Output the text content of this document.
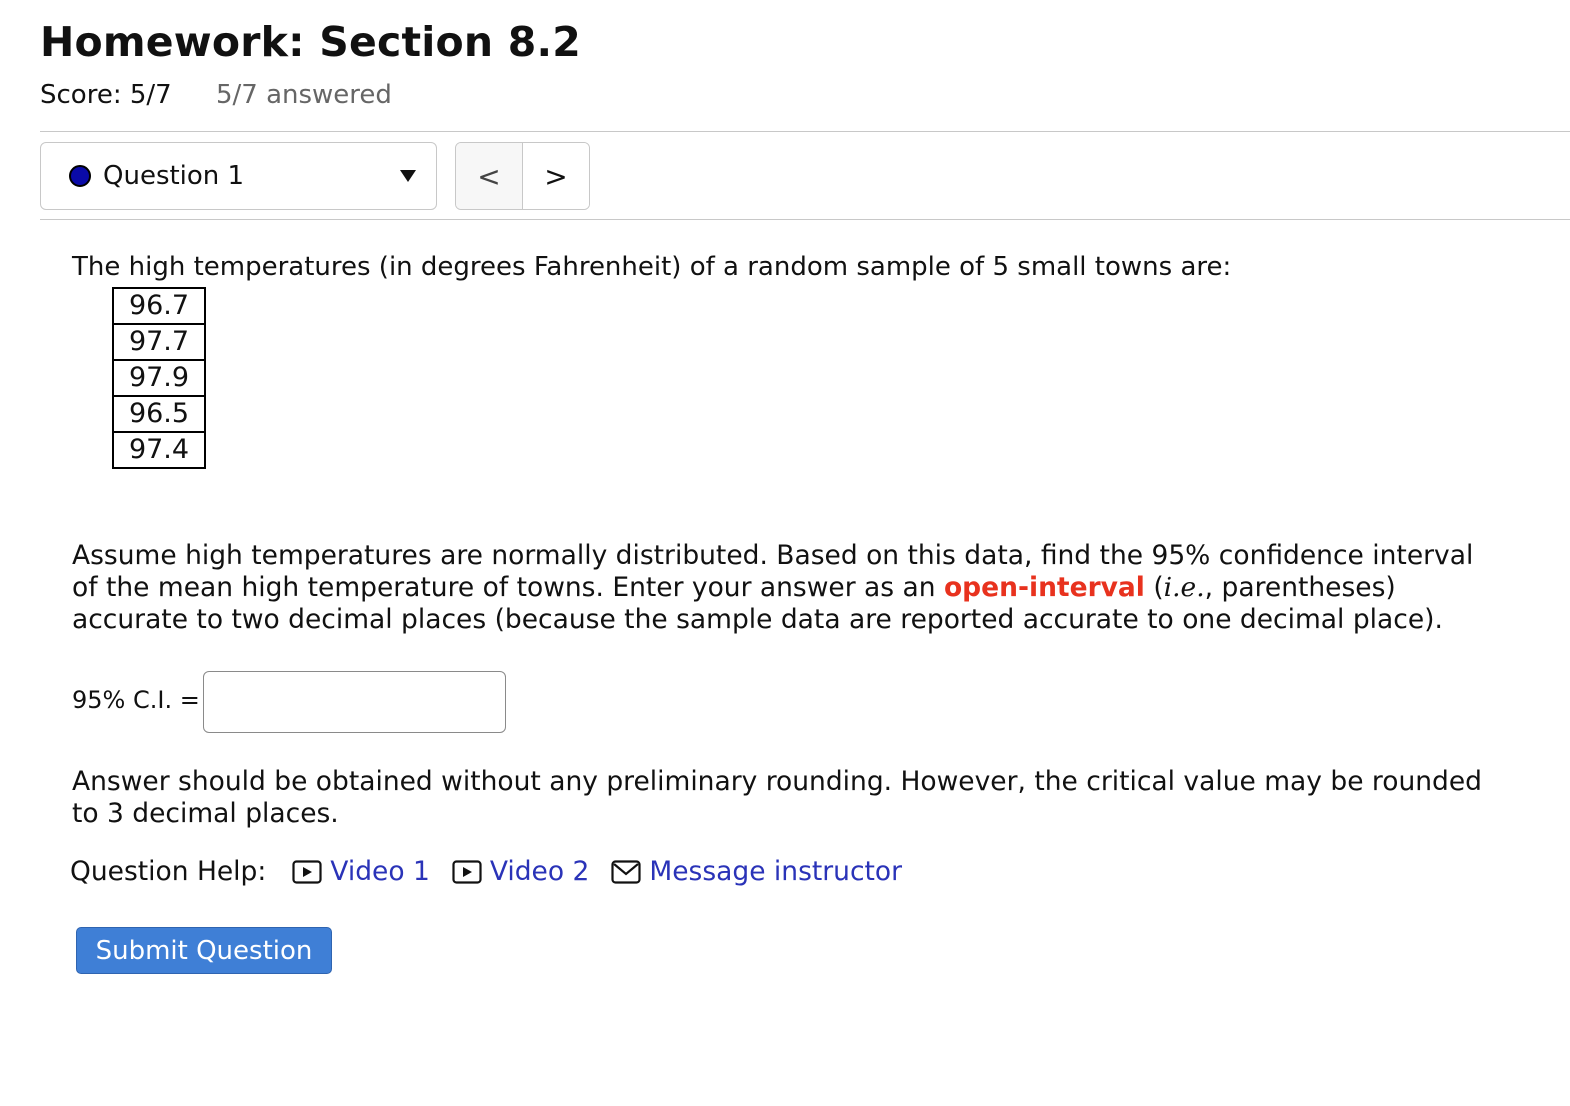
Homework: Section 8.2
Score: 5/7 5/7 answered
Question 1	<	>

The high temperatures (in degrees Fahrenheit) of a random sample of 5 small towns are:

96.7
97.7
97.9
96.5
97.4

Assume high temperatures are normally distributed. Based on this data, find the 95% confidence interval of the mean high temperature of towns. Enter your answer as an open-interval (i.e., parentheses) accurate to two decimal places (because the sample data are reported accurate to one decimal place).

95% C.I. =

Answer should be obtained without any preliminary rounding. However, the critical value may be rounded to 3 decimal places.

Question Help: Video 1 Video 2 Message instructor
Submit Question
